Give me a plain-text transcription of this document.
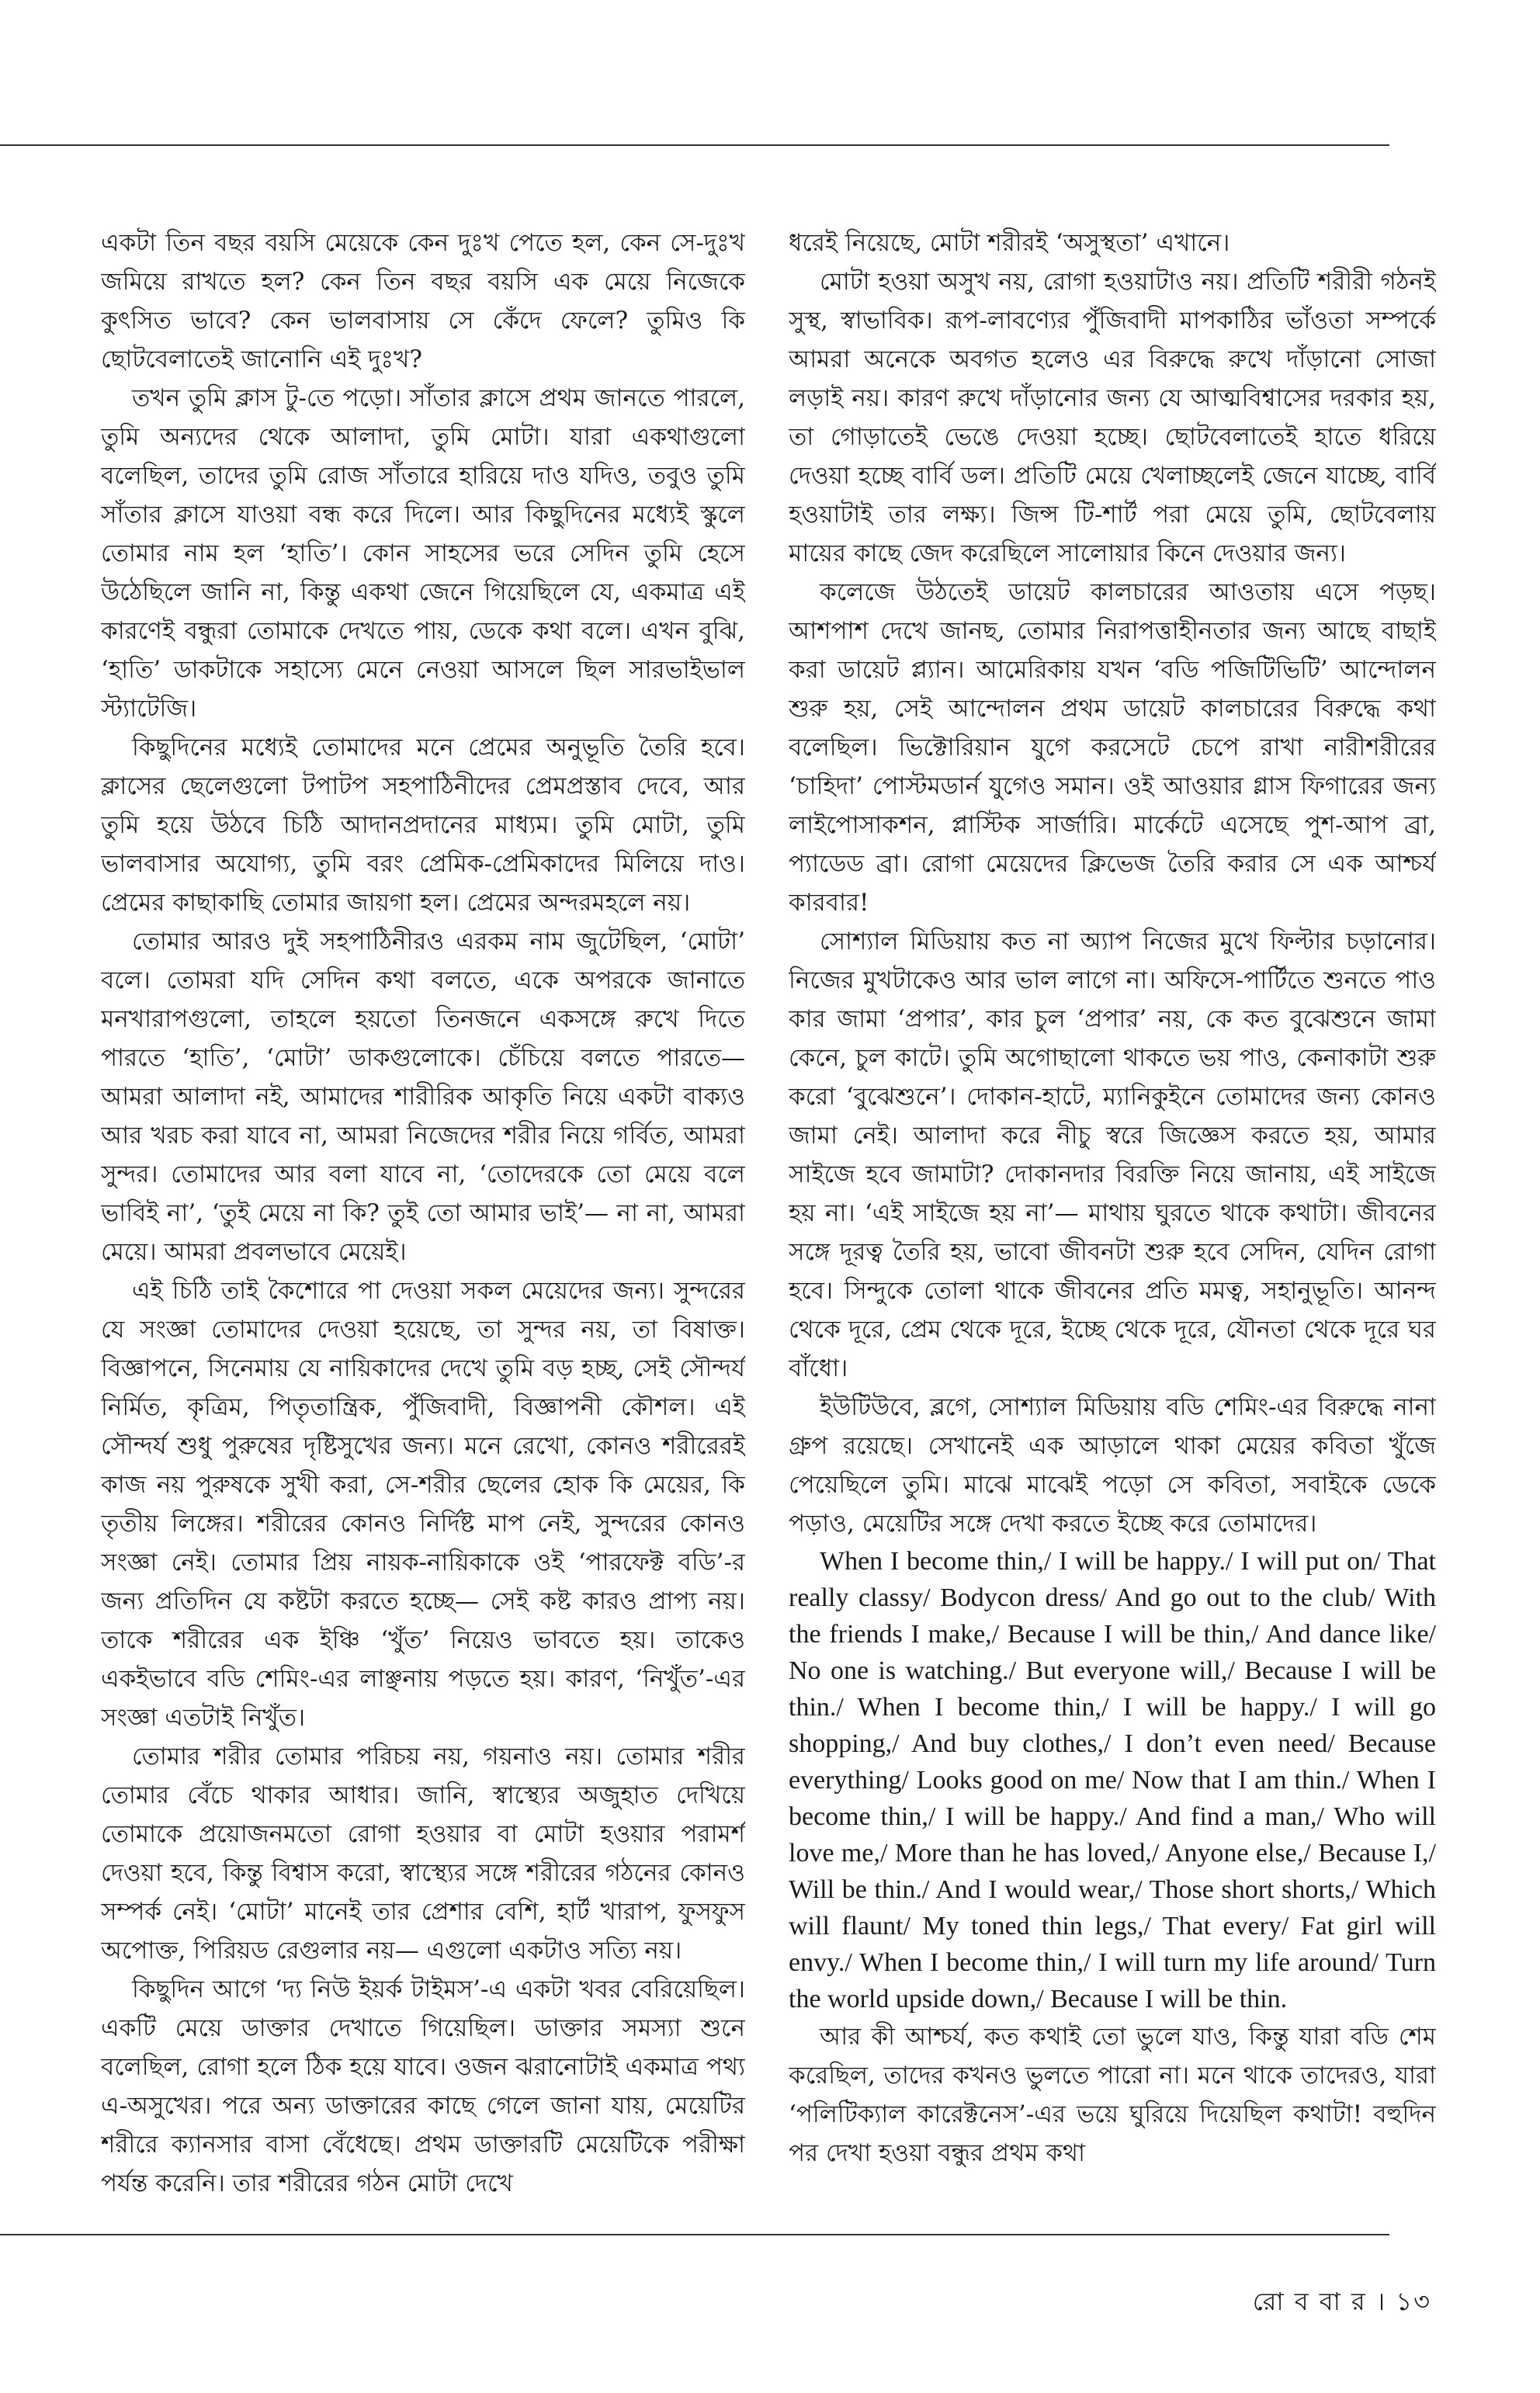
একটা তিন বছর বয়সি মেয়েকে কেন দুঃখ পেতে হল, কেন সে-দুঃখ জমিয়ে রাখতে হল? কেন তিন বছর বয়সি এক মেয়ে নিজেকে কুৎসিত ভাবে? কেন ভালবাসায় সে কেঁদে ফেলে? তুমিও কি ছোটবেলাতেই জানোনি এই দুঃখ?

তখন তুমি ক্লাস টু-তে পড়ো। সাঁতার ক্লাসে প্রথম জানতে পারলে, তুমি অন্যদের থেকে আলাদা, তুমি মোটা। যারা একথাগুলো বলেছিল, তাদের তুমি রোজ সাঁতারে হারিয়ে দাও যদিও, তবুও তুমি সাঁতার ক্লাসে যাওয়া বন্ধ করে দিলে। আর কিছুদিনের মধ্যেই স্কুলে তোমার নাম হল ‘হাতি’। কোন সাহসের ভরে সেদিন তুমি হেসে উঠেছিলে জানি না, কিন্তু একথা জেনে গিয়েছিলে যে, একমাত্র এই কারণেই বন্ধুরা তোমাকে দেখতে পায়, ডেকে কথা বলে। এখন বুঝি, ‘হাতি’ ডাকটাকে সহাস্যে মেনে নেওয়া আসলে ছিল সারভাইভাল স্ট্যাটেজি।

কিছুদিনের মধ্যেই তোমাদের মনে প্রেমের অনুভূতি তৈরি হবে। ক্লাসের ছেলেগুলো টপাটপ সহপাঠিনীদের প্রেমপ্রস্তাব দেবে, আর তুমি হয়ে উঠবে চিঠি আদানপ্রদানের মাধ্যম। তুমি মোটা, তুমি ভালবাসার অযোগ্য, তুমি বরং প্রেমিক-প্রেমিকাদের মিলিয়ে দাও। প্রেমের কাছাকাছি তোমার জায়গা হল। প্রেমের অন্দরমহলে নয়।

তোমার আরও দুই সহপাঠিনীরও এরকম নাম জুটেছিল, ‘মোটা’ বলে। তোমরা যদি সেদিন কথা বলতে, একে অপরকে জানাতে মনখারাপগুলো, তাহলে হয়তো তিনজনে একসঙ্গে রুখে দিতে পারতে ‘হাতি’, ‘মোটা’ ডাকগুলোকে। চেঁচিয়ে বলতে পারতে— আমরা আলাদা নই, আমাদের শারীরিক আকৃতি নিয়ে একটা বাক্যও আর খরচ করা যাবে না, আমরা নিজেদের শরীর নিয়ে গর্বিত, আমরা সুন্দর। তোমাদের আর বলা যাবে না, ‘তোদেরকে তো মেয়ে বলে ভাবিই না’, ‘তুই মেয়ে না কি? তুই তো আমার ভাই’— না না, আমরা মেয়ে। আমরা প্রবলভাবে মেয়েই।

এই চিঠি তাই কৈশোরে পা দেওয়া সকল মেয়েদের জন্য। সুন্দরের যে সংজ্ঞা তোমাদের দেওয়া হয়েছে, তা সুন্দর নয়, তা বিষাক্ত। বিজ্ঞাপনে, সিনেমায় যে নায়িকাদের দেখে তুমি বড় হচ্ছ, সেই সৌন্দর্য নির্মিত, কৃত্রিম, পিতৃতান্ত্রিক, পুঁজিবাদী, বিজ্ঞাপনী কৌশল। এই সৌন্দর্য শুধু পুরুষের দৃষ্টিসুখের জন্য। মনে রেখো, কোনও শরীরেরই কাজ নয় পুরুষকে সুখী করা, সে-শরীর ছেলের হোক কি মেয়ের, কি তৃতীয় লিঙ্গের। শরীরের কোনও নির্দিষ্ট মাপ নেই, সুন্দরের কোনও সংজ্ঞা নেই। তোমার প্রিয় নায়ক-নায়িকাকে ওই ‘পারফেক্ট বডি’-র জন্য প্রতিদিন যে কষ্টটা করতে হচ্ছে— সেই কষ্ট কারও প্রাপ্য নয়। তাকে শরীরের এক ইঞ্চি ‘খুঁত’ নিয়েও ভাবতে হয়। তাকেও একইভাবে বডি শেমিং-এর লাঞ্ছনায় পড়তে হয়। কারণ, ‘নিখুঁত’-এর সংজ্ঞা এতটাই নিখুঁত।

তোমার শরীর তোমার পরিচয় নয়, গয়নাও নয়। তোমার শরীর তোমার বেঁচে থাকার আধার। জানি, স্বাস্থ্যের অজুহাত দেখিয়ে তোমাকে প্রয়োজনমতো রোগা হওয়ার বা মোটা হওয়ার পরামর্শ দেওয়া হবে, কিন্তু বিশ্বাস করো, স্বাস্থ্যের সঙ্গে শরীরের গঠনের কোনও সম্পর্ক নেই। ‘মোটা’ মানেই তার প্রেশার বেশি, হার্ট খারাপ, ফুসফুস অপোক্ত, পিরিয়ড রেগুলার নয়— এগুলো একটাও সত্যি নয়।

কিছুদিন আগে ‘দ্য নিউ ইয়র্ক টাইমস’-এ একটা খবর বেরিয়েছিল। একটি মেয়ে ডাক্তার দেখাতে গিয়েছিল। ডাক্তার সমস্যা শুনে বলেছিল, রোগা হলে ঠিক হয়ে যাবে। ওজন ঝরানোটাই একমাত্র পথ্য এ-অসুখের। পরে অন্য ডাক্তারের কাছে গেলে জানা যায়, মেয়েটির শরীরে ক্যানসার বাসা বেঁধেছে। প্রথম ডাক্তারটি মেয়েটিকে পরীক্ষা পর্যন্ত করেনি। তার শরীরের গঠন মোটা দেখে

ধরেই নিয়েছে, মোটা শরীরই ‘অসুস্থতা’ এখানে।

মোটা হওয়া অসুখ নয়, রোগা হওয়াটাও নয়। প্রতিটি শরীরী গঠনই সুস্থ, স্বাভাবিক। রূপ-লাবণ্যের পুঁজিবাদী মাপকাঠির ভাঁওতা সম্পর্কে আমরা অনেকে অবগত হলেও এর বিরুদ্ধে রুখে দাঁড়ানো সোজা লড়াই নয়। কারণ রুখে দাঁড়ানোর জন্য যে আত্মবিশ্বাসের দরকার হয়, তা গোড়াতেই ভেঙে দেওয়া হচ্ছে। ছোটবেলাতেই হাতে ধরিয়ে দেওয়া হচ্ছে বার্বি ডল। প্রতিটি মেয়ে খেলাচ্ছলেই জেনে যাচ্ছে, বার্বি হওয়াটাই তার লক্ষ্য। জিন্স টি-শার্ট পরা মেয়ে তুমি, ছোটবেলায় মায়ের কাছে জেদ করেছিলে সালোয়ার কিনে দেওয়ার জন্য।

কলেজে উঠতেই ডায়েট কালচারের আওতায় এসে পড়ছ। আশপাশ দেখে জানছ, তোমার নিরাপত্তাহীনতার জন্য আছে বাছাই করা ডায়েট প্ল্যান। আমেরিকায় যখন ‘বডি পজিটিভিটি’ আন্দোলন শুরু হয়, সেই আন্দোলন প্রথম ডায়েট কালচারের বিরুদ্ধে কথা বলেছিল। ভিক্টোরিয়ান যুগে করসেটে চেপে রাখা নারীশরীরের ‘চাহিদা’ পোস্টমডার্ন যুগেও সমান। ওই আওয়ার গ্লাস ফিগারের জন্য লাইপোসাকশন, প্লাস্টিক সার্জারি। মার্কেটে এসেছে পুশ-আপ ব্রা, প্যাডেড ব্রা। রোগা মেয়েদের ক্লিভেজ তৈরি করার সে এক আশ্চর্য কারবার!

সোশ্যাল মিডিয়ায় কত না অ্যাপ নিজের মুখে ফিল্টার চড়ানোর। নিজের মুখটাকেও আর ভাল লাগে না। অফিসে-পার্টিতে শুনতে পাও কার জামা ‘প্রপার’, কার চুল ‘প্রপার’ নয়, কে কত বুঝেশুনে জামা কেনে, চুল কাটে। তুমি অগোছালো থাকতে ভয় পাও, কেনাকাটা শুরু করো ‘বুঝেশুনে’। দোকান-হাটে, ম্যানিকুইনে তোমাদের জন্য কোনও জামা নেই। আলাদা করে নীচু স্বরে জিজ্ঞেস করতে হয়, আমার সাইজে হবে জামাটা? দোকানদার বিরক্তি নিয়ে জানায়, এই সাইজে হয় না। ‘এই সাইজে হয় না’— মাথায় ঘুরতে থাকে কথাটা। জীবনের সঙ্গে দূরত্ব তৈরি হয়, ভাবো জীবনটা শুরু হবে সেদিন, যেদিন রোগা হবে। সিন্দুকে তোলা থাকে জীবনের প্রতি মমত্ব, সহানুভূতি। আনন্দ থেকে দূরে, প্রেম থেকে দূরে, ইচ্ছে থেকে দূরে, যৌনতা থেকে দূরে ঘর বাঁধো।

ইউটিউবে, ব্লগে, সোশ্যাল মিডিয়ায় বডি শেমিং-এর বিরুদ্ধে নানা গ্রুপ রয়েছে। সেখানেই এক আড়ালে থাকা মেয়ের কবিতা খুঁজে পেয়েছিলে তুমি। মাঝে মাঝেই পড়ো সে কবিতা, সবাইকে ডেকে পড়াও, মেয়েটির সঙ্গে দেখা করতে ইচ্ছে করে তোমাদের।

When I become thin,/ I will be happy./ I will put on/ That really classy/ Bodycon dress/ And go out to the club/ With the friends I make,/ Because I will be thin,/ And dance like/ No one is watching./ But everyone will,/ Because I will be thin./ When I become thin,/ I will be happy./ I will go shopping,/ And buy clothes,/ I don’t even need/ Because everything/ Looks good on me/ Now that I am thin./ When I become thin,/ I will be happy./ And find a man,/ Who will love me,/ More than he has loved,/ Anyone else,/ Because I,/ Will be thin./ And I would wear,/ Those short shorts,/ Which will flaunt/ My toned thin legs,/ That every/ Fat girl will envy./ When I become thin,/ I will turn my life around/ Turn the world upside down,/ Because I will be thin.

আর কী আশ্চর্য, কত কথাই তো ভুলে যাও, কিন্তু যারা বডি শেম করেছিল, তাদের কখনও ভুলতে পারো না। মনে থাকে তাদেরও, যারা ‘পলিটিক্যাল কারেক্টনেস’-এর ভয়ে ঘুরিয়ে দিয়েছিল কথাটা! বহুদিন পর দেখা হওয়া বন্ধুর প্রথম কথা

রো ব বা র । ১৩
